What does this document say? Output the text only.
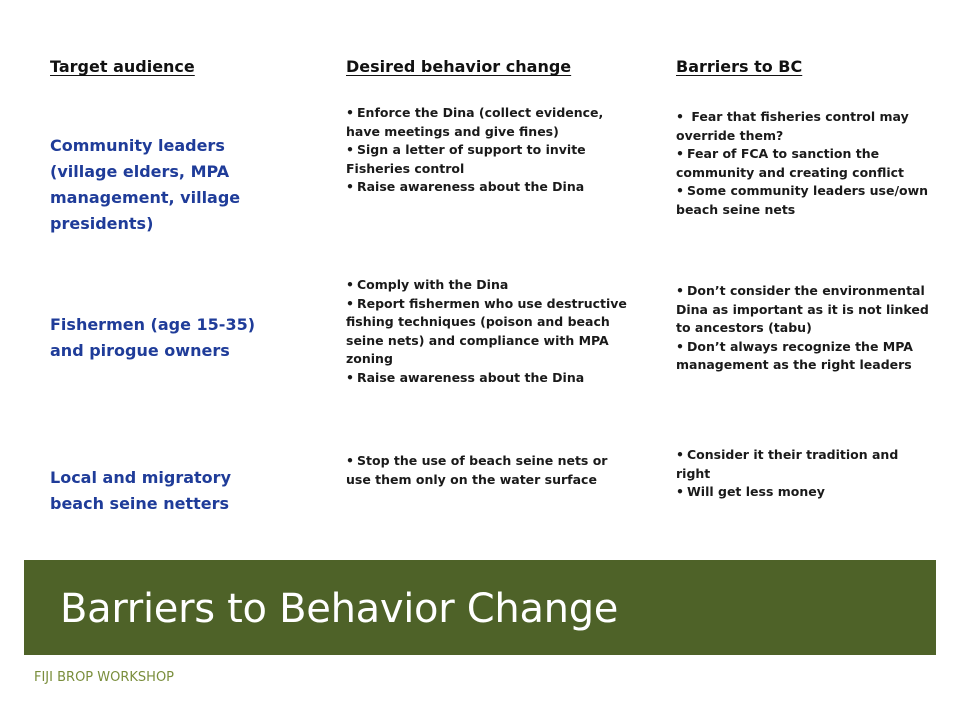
Target audience	Desired behavior change	Barriers to BC
Community leaders (village elders, MPA management, village presidents)
• Enforce the Dina (collect evidence, have meetings and give fines)
• Sign a letter of support to invite Fisheries control
• Raise awareness about the Dina
• Fear that fisheries control may override them?
• Fear of FCA to sanction the community and creating conflict
• Some community leaders use/own beach seine nets
Fishermen (age 15-35) and pirogue owners
• Comply with the Dina
• Report fishermen who use destructive fishing techniques (poison and beach seine nets) and compliance with MPA zoning
• Raise awareness about the Dina
• Don’t consider the environmental Dina as important as it is not linked to ancestors (tabu)
• Don’t always recognize the MPA management as the right leaders
Local and migratory beach seine netters
• Stop the use of beach seine nets or use them only on the water surface
• Consider it their tradition and right
• Will get less money
Barriers to Behavior Change
FIJI BROP WORKSHOP
